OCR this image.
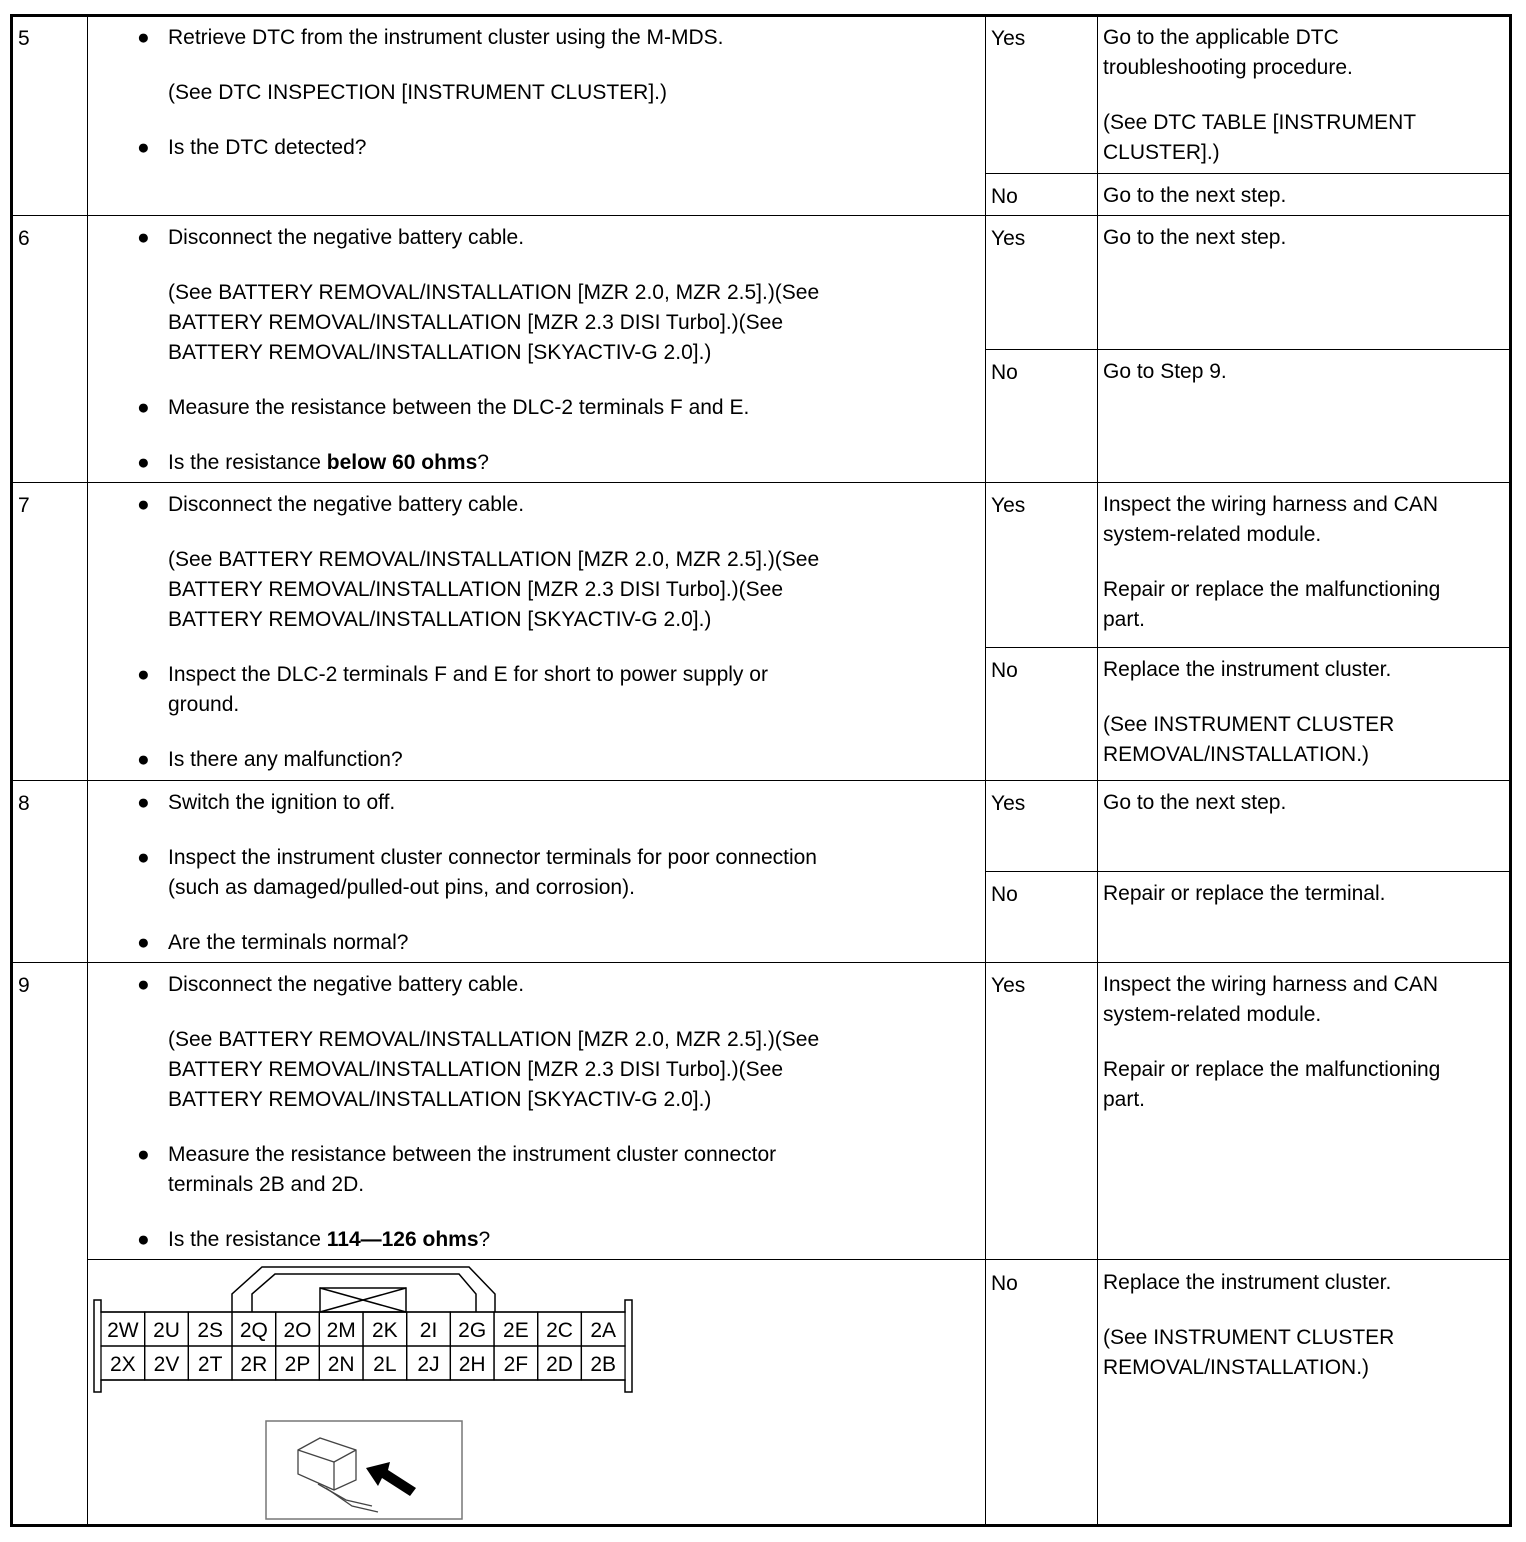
5	● Retrieve DTC from the instrument cluster using the M-MDS.
(See DTC INSPECTION [INSTRUMENT CLUSTER].)
● Is the DTC detected?
Yes	Go to the applicable DTC
troubleshooting procedure.
(See DTC TABLE [INSTRUMENT
CLUSTER].)
No	Go to the next step.
6	● Disconnect the negative battery cable.
(See BATTERY REMOVAL/INSTALLATION [MZR 2.0, MZR 2.5].)(See
BATTERY REMOVAL/INSTALLATION [MZR 2.3 DISI Turbo].)(See
BATTERY REMOVAL/INSTALLATION [SKYACTIV-G 2.0].)
● Measure the resistance between the DLC-2 terminals F and E.
● Is the resistance below 60 ohms?
Yes	Go to the next step.
No	Go to Step 9.
7	● Disconnect the negative battery cable.
(See BATTERY REMOVAL/INSTALLATION [MZR 2.0, MZR 2.5].)(See
BATTERY REMOVAL/INSTALLATION [MZR 2.3 DISI Turbo].)(See
BATTERY REMOVAL/INSTALLATION [SKYACTIV-G 2.0].)
● Inspect the DLC-2 terminals F and E for short to power supply or
ground.
● Is there any malfunction?
Yes	Inspect the wiring harness and CAN
system-related module.
Repair or replace the malfunctioning
part.
No	Replace the instrument cluster.
(See INSTRUMENT CLUSTER
REMOVAL/INSTALLATION.)
8	● Switch the ignition to off.
● Inspect the instrument cluster connector terminals for poor connection
(such as damaged/pulled-out pins, and corrosion).
● Are the terminals normal?
Yes	Go to the next step.
No	Repair or replace the terminal.
9	● Disconnect the negative battery cable.
(See BATTERY REMOVAL/INSTALLATION [MZR 2.0, MZR 2.5].)(See
BATTERY REMOVAL/INSTALLATION [MZR 2.3 DISI Turbo].)(See
BATTERY REMOVAL/INSTALLATION [SKYACTIV-G 2.0].)
● Measure the resistance between the instrument cluster connector
terminals 2B and 2D.
● Is the resistance 114—126 ohms?
Yes	Inspect the wiring harness and CAN
system-related module.
Repair or replace the malfunctioning
part.
No	Replace the instrument cluster.
(See INSTRUMENT CLUSTER
REMOVAL/INSTALLATION.)
2W 2U 2S 2Q 2O 2M 2K 2I 2G 2E 2C 2A
2X 2V 2T 2R 2P 2N 2L 2J 2H 2F 2D 2B
